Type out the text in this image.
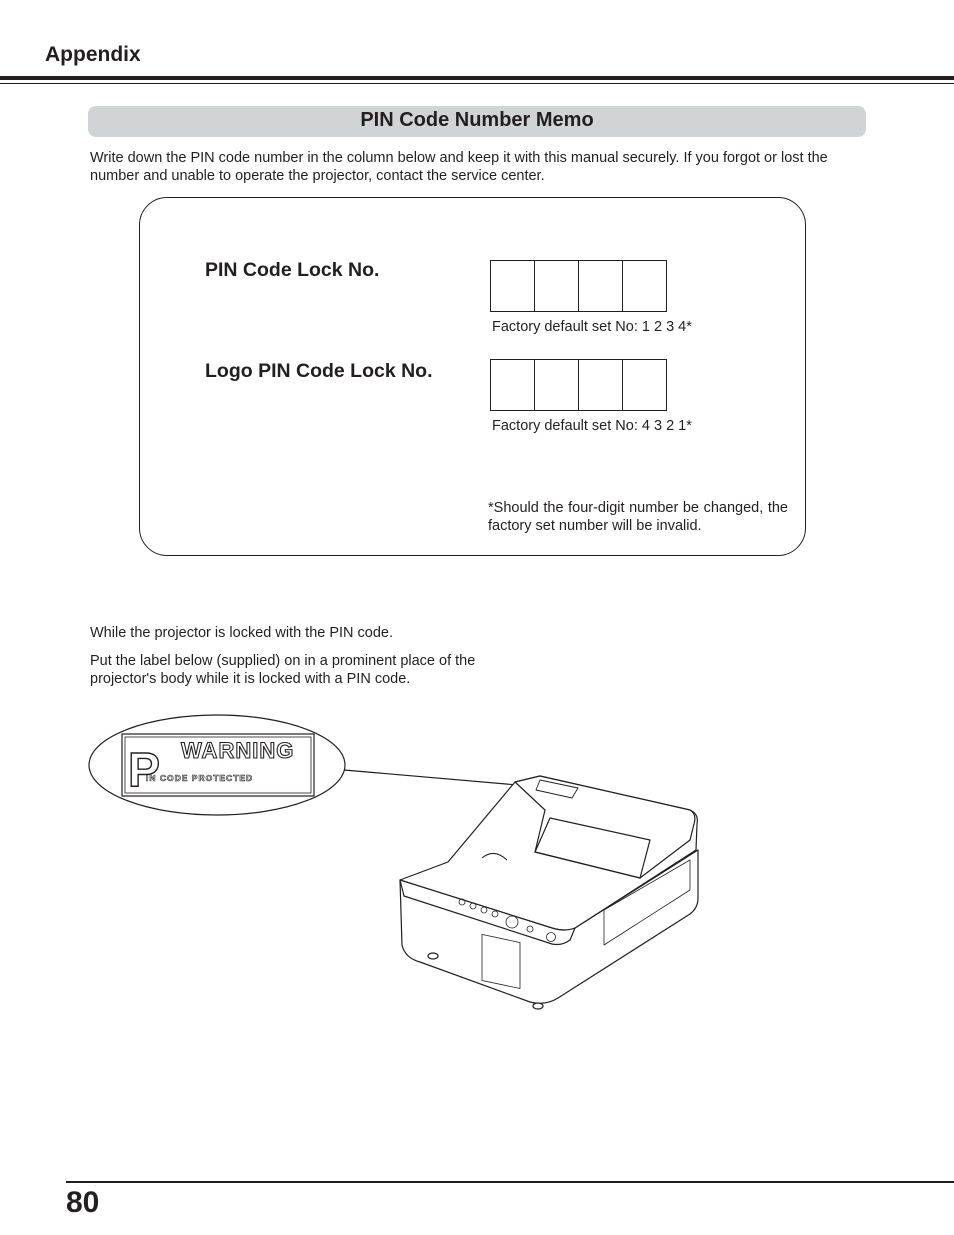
Appendix
PIN Code Number Memo
Write down the PIN code number in the column below and keep it with this manual securely. If you forgot or lost the number and unable to operate the projector, contact the service center.
PIN Code Lock No.
Factory default set No: 1 2 3 4*
Logo PIN Code Lock No.
Factory default set No: 4 3 2 1*
*Should the four-digit number be changed, the factory set number will be invalid.
While the projector is locked with the PIN code.
Put the label below (supplied) on in a prominent place of the projector's body while it is locked with a PIN code.
P WARNING
IN CODE PROTECTED
80
